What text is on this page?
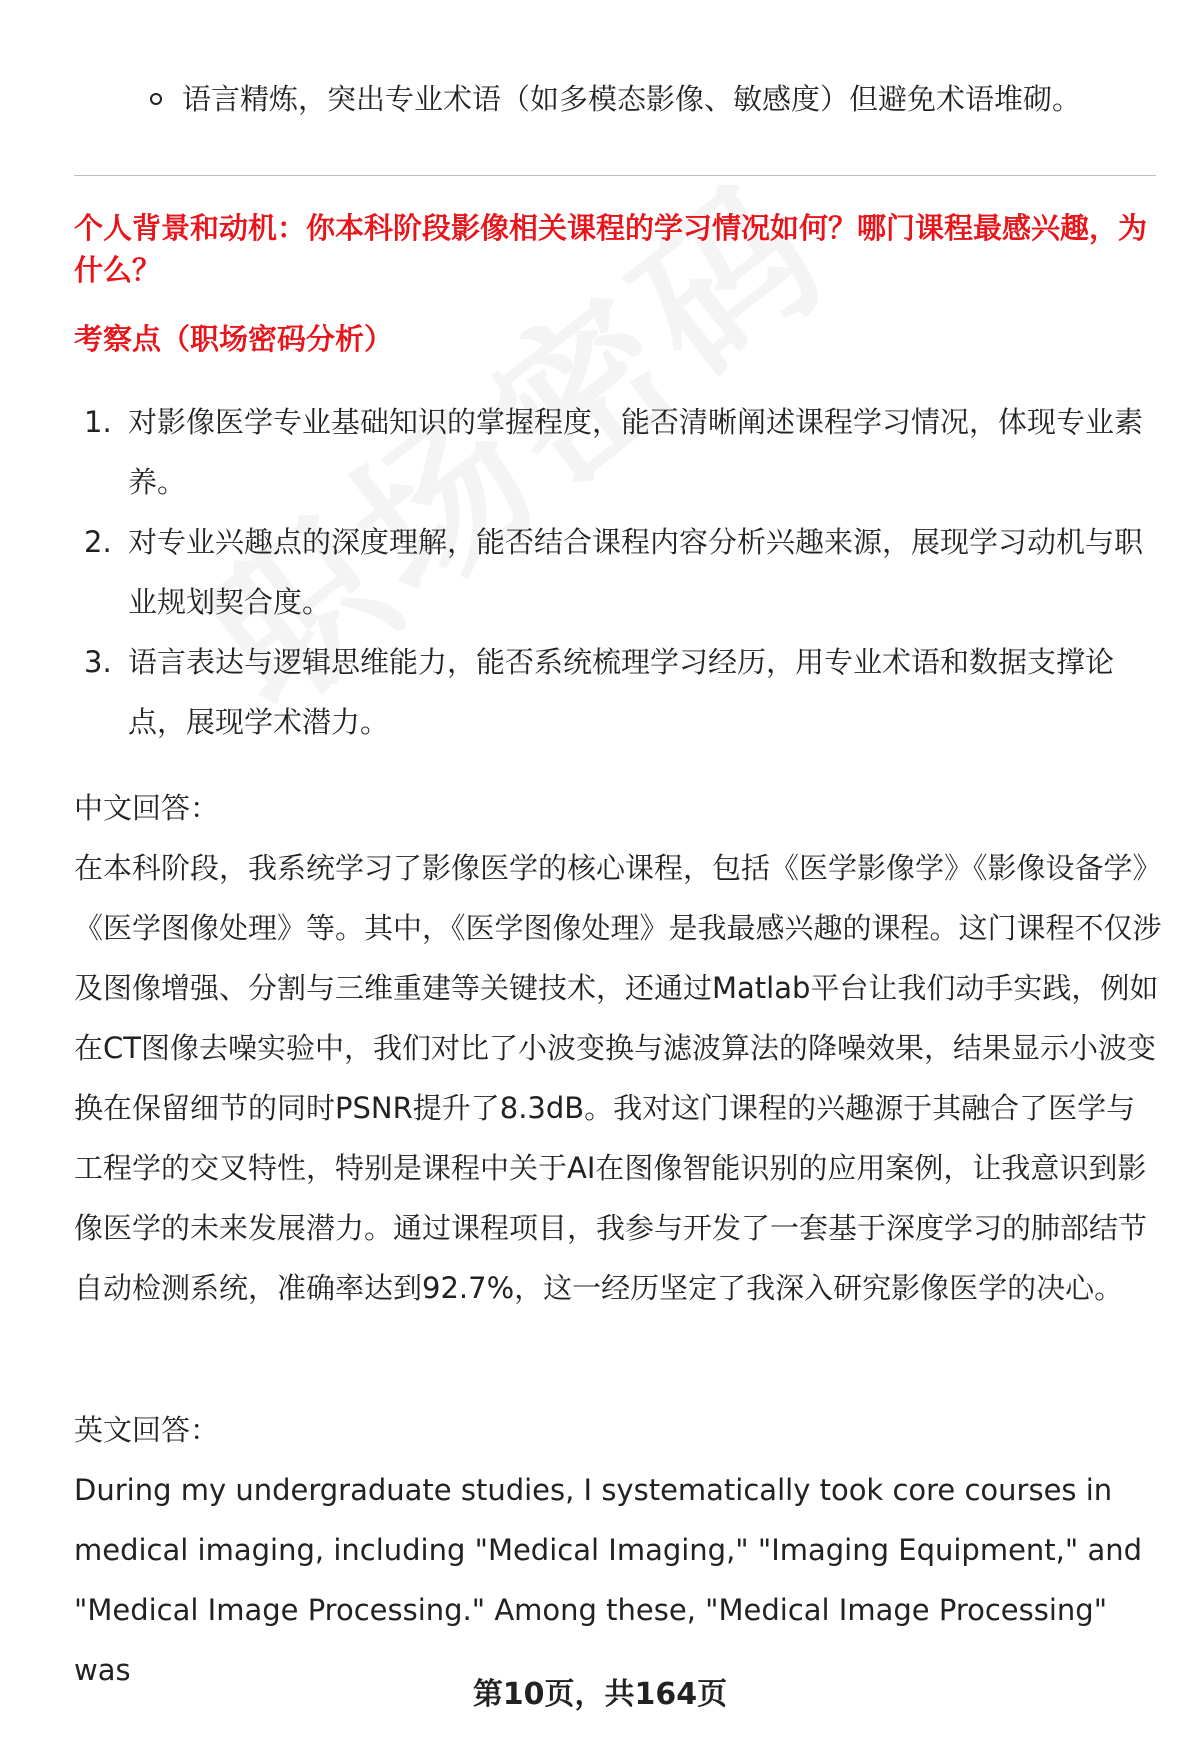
语言精炼，突出专业术语（如多模态影像、敏感度）但避免术语堆砌。
个人背景和动机：你本科阶段影像相关课程的学习情况如何？哪门课程最感兴趣，为什么？
考察点（职场密码分析）
1. 对影像医学专业基础知识的掌握程度，能否清晰阐述课程学习情况，体现专业素养。
2. 对专业兴趣点的深度理解，能否结合课程内容分析兴趣来源，展现学习动机与职业规划契合度。
3. 语言表达与逻辑思维能力，能否系统梳理学习经历，用专业术语和数据支撑论点，展现学术潜力。
中文回答：
在本科阶段，我系统学习了影像医学的核心课程，包括《医学影像学》《影像设备学》《医学图像处理》等。其中，《医学图像处理》是我最感兴趣的课程。这门课程不仅涉及图像增强、分割与三维重建等关键技术，还通过Matlab平台让我们动手实践，例如在CT图像去噪实验中，我们对比了小波变换与滤波算法的降噪效果，结果显示小波变换在保留细节的同时PSNR提升了8.3dB。我对这门课程的兴趣源于其融合了医学与工程学的交叉特性，特别是课程中关于AI在图像智能识别的应用案例，让我意识到影像医学的未来发展潜力。通过课程项目，我参与开发了一套基于深度学习的肺部结节自动检测系统，准确率达到92.7%，这一经历坚定了我深入研究影像医学的决心。
英文回答：
During my undergraduate studies, I systematically took core courses in medical imaging, including "Medical Imaging," "Imaging Equipment," and "Medical Image Processing." Among these, "Medical Image Processing" was
第10页，共164页
